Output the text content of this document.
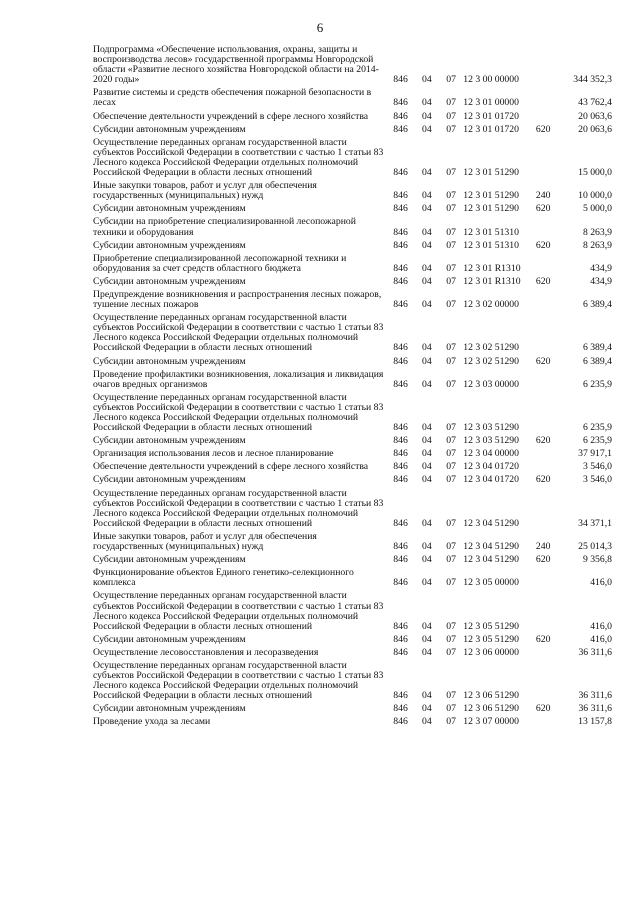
6
Подпрограмма «Обеспечение использования, охраны, защиты и воспроизводства лесов» государственной программы Новгородской области «Развитие лесного хозяйства Новгородской области на 2014-2020 годы»	846	04	07	12 3 00 00000		344 352,3
Развитие системы и средств обеспечения пожарной безопасности в лесах	846	04	07	12 3 01 00000		43 762,4
Обеспечение деятельности учреждений в сфере лесного хозяйства	846	04	07	12 3 01 01720		20 063,6
Субсидии автономным учреждениям	846	04	07	12 3 01 01720	620	20 063,6
Осуществление переданных органам государственной власти субъектов Российской Федерации в соответствии с частью 1 статьи 83 Лесного кодекса Российской Федерации отдельных полномочий Российской Федерации в области лесных отношений	846	04	07	12 3 01 51290		15 000,0
Иные закупки товаров, работ и услуг для обеспечения государственных (муниципальных) нужд	846	04	07	12 3 01 51290	240	10 000,0
Субсидии автономным учреждениям	846	04	07	12 3 01 51290	620	5 000,0
Субсидии на приобретение специализированной лесопожарной техники и оборудования	846	04	07	12 3 01 51310		8 263,9
Субсидии автономным учреждениям	846	04	07	12 3 01 51310	620	8 263,9
Приобретение специализированной лесопожарной техники и оборудования за счет средств областного бюджета	846	04	07	12 3 01 R1310		434,9
Субсидии автономным учреждениям	846	04	07	12 3 01 R1310	620	434,9
Предупреждение возникновения и распространения лесных пожаров, тушение лесных пожаров	846	04	07	12 3 02 00000		6 389,4
Осуществление переданных органам государственной власти субъектов Российской Федерации в соответствии с частью 1 статьи 83 Лесного кодекса Российской Федерации отдельных полномочий Российской Федерации в области лесных отношений	846	04	07	12 3 02 51290		6 389,4
Субсидии автономным учреждениям	846	04	07	12 3 02 51290	620	6 389,4
Проведение профилактики возникновения, локализация и ликвидация очагов вредных организмов	846	04	07	12 3 03 00000		6 235,9
Осуществление переданных органам государственной власти субъектов Российской Федерации в соответствии с частью 1 статьи 83 Лесного кодекса Российской Федерации отдельных полномочий Российской Федерации в области лесных отношений	846	04	07	12 3 03 51290		6 235,9
Субсидии автономным учреждениям	846	04	07	12 3 03 51290	620	6 235,9
Организация использования лесов и лесное планирование	846	04	07	12 3 04 00000		37 917,1
Обеспечение деятельности учреждений в сфере лесного хозяйства	846	04	07	12 3 04 01720		3 546,0
Субсидии автономным учреждениям	846	04	07	12 3 04 01720	620	3 546,0
Осуществление переданных органам государственной власти субъектов Российской Федерации в соответствии с частью 1 статьи 83 Лесного кодекса Российской Федерации отдельных полномочий Российской Федерации в области лесных отношений	846	04	07	12 3 04 51290		34 371,1
Иные закупки товаров, работ и услуг для обеспечения государственных (муниципальных) нужд	846	04	07	12 3 04 51290	240	25 014,3
Субсидии автономным учреждениям	846	04	07	12 3 04 51290	620	9 356,8
Функционирование объектов Единого генетико-селекционного комплекса	846	04	07	12 3 05 00000		416,0
Осуществление переданных органам государственной власти субъектов Российской Федерации в соответствии с частью 1 статьи 83 Лесного кодекса Российской Федерации отдельных полномочий Российской Федерации в области лесных отношений	846	04	07	12 3 05 51290		416,0
Субсидии автономным учреждениям	846	04	07	12 3 05 51290	620	416,0
Осуществление лесовосстановления и лесоразведения	846	04	07	12 3 06 00000		36 311,6
Осуществление переданных органам государственной власти субъектов Российской Федерации в соответствии с частью 1 статьи 83 Лесного кодекса Российской Федерации отдельных полномочий Российской Федерации в области лесных отношений	846	04	07	12 3 06 51290		36 311,6
Субсидии автономным учреждениям	846	04	07	12 3 06 51290	620	36 311,6
Проведение ухода за лесами	846	04	07	12 3 07 00000		13 157,8
